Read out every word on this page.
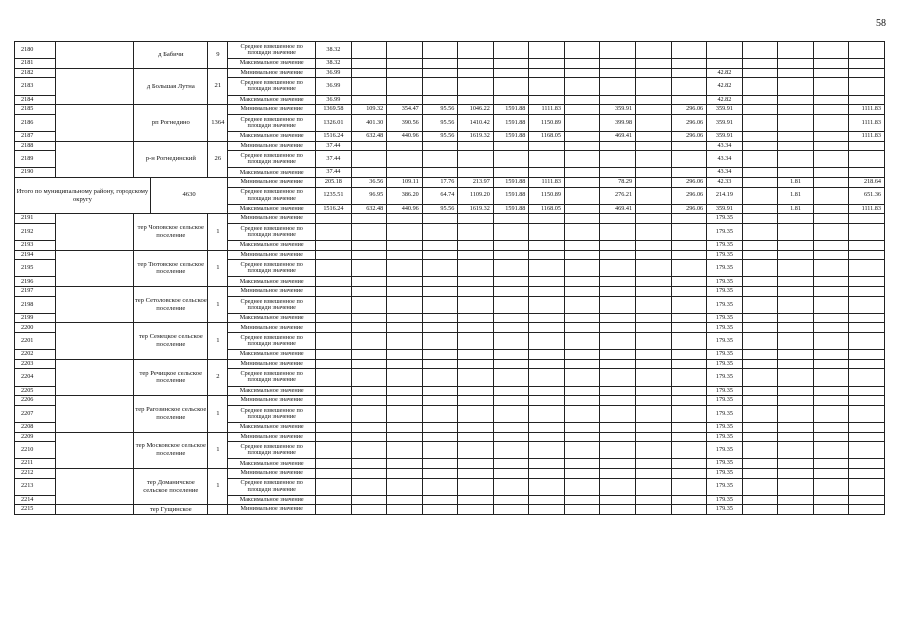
58
2180		д Бабичи		9	Среднее взвешенное по площади значение	38.32															
2181					Максимальное значение	38.32															
2182		д Большая Лутна		21	Минимальное значение	36.99											42.82				
2183					Среднее взвешенное по площади значение	36.99											42.82				
2184					Максимальное значение	36.99											42.82				
2185		рп Рогнедино		1364	Минимальное значение	1369.58	109.32	354.47	95.56	1046.22	1591.88	1111.83		359.91		296.06	359.91				1111.83
2186					Среднее взвешенное по площади значение	1326.01	401.30	390.56	95.56	1410.42	1591.88	1150.89		399.98		296.06	359.91				1111.83
2187					Максимальное значение	1516.24	632.48	440.96	95.56	1619.32	1591.88	1168.05		469.41		296.06	359.91				1111.83
2188		р-н Рогнединский		26	Минимальное значение	37.44											43.34				
2189					Среднее взвешенное по площади значение	37.44											43.34				
2190					Максимальное значение	37.44											43.34				
Итого по муниципальному району, городскому округу			4630		Минимальное значение	205.18	36.56	109.11	17.76	213.97	1591.88	1111.83		78.29		296.06	42.33		1.81		218.64
					Среднее взвешенное по площади значение	1235.51	96.95	386.20	64.74	1109.20	1591.88	1150.89		276.21		296.06	214.19		1.81		651.36
					Максимальное значение	1516.24	632.48	440.96	95.56	1619.32	1591.88	1168.05		469.41		296.06	359.91		1.81		1111.83
2191		тер Чоповское сельское поселение		1	Минимальное значение												179.35				
2192					Среднее взвешенное по площади значение												179.35				
2193					Максимальное значение												179.35				
2194		тер Тютовское сельское поселение		1	Минимальное значение												179.35				
2195					Среднее взвешенное по площади значение												179.35				
2196					Максимальное значение												179.35				
2197		тер Сетоловское сельское поселение		1	Минимальное значение												179.35				
2198					Среднее взвешенное по площади значение												179.35				
2199					Максимальное значение												179.35				
2200		тер Семецкое сельское поселение		1	Минимальное значение												179.35				
2201					Среднее взвешенное по площади значение												179.35				
2202					Максимальное значение												179.35				
2203		тер Речицкое сельское поселение		2	Минимальное значение												179.35				
2204					Среднее взвешенное по площади значение												179.35				
2205					Максимальное значение												179.35				
2206		тер Рагозинское сельское поселение		1	Минимальное значение												179.35				
2207					Среднее взвешенное по площади значение												179.35				
2208					Максимальное значение												179.35				
2209		тер Московское сельское поселение		1	Минимальное значение												179.35				
2210					Среднее взвешенное по площади значение												179.35				
2211					Максимальное значение												179.35				
2212		тер Доманичское сельское поселение		1	Минимальное значение												179.35				
2213					Среднее взвешенное по площади значение												179.35				
2214					Максимальное значение												179.35				
2215		тер Гущинское			Минимальное значение												179.35				
